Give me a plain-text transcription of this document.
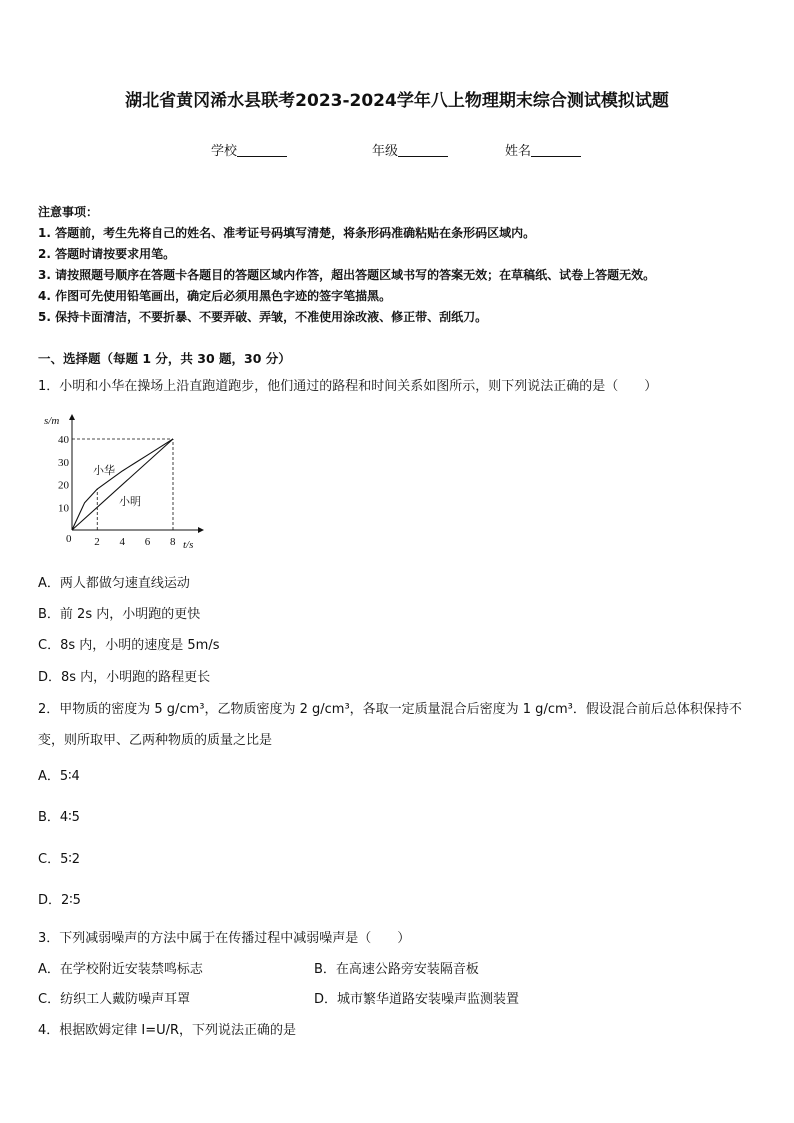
湖北省黄冈浠水县联考2023-2024学年八上物理期末综合测试模拟试题
学校	年级	姓名
注意事项：
1. 答题前，考生先将自己的姓名、准考证号码填写清楚，将条形码准确粘贴在条形码区域内。
2. 答题时请按要求用笔。
3. 请按照题号顺序在答题卡各题目的答题区域内作答，超出答题区域书写的答案无效；在草稿纸、试卷上答题无效。
4. 作图可先使用铅笔画出，确定后必须用黑色字迹的签字笔描黑。
5. 保持卡面清洁，不要折暴、不要弄破、弄皱，不准使用涂改液、修正带、刮纸刀。
一、选择题（每题 1 分，共 30 题，30 分）
1．小明和小华在操场上沿直跑道跑步，他们通过的路程和时间关系如图所示，则下列说法正确的是（　　）
2 4 6 8
10
20
30
40
s/m
t/s
0
小华
小明
A．两人都做匀速直线运动
B．前 2s 内，小明跑的更快
C．8s 内，小明的速度是 5m/s
D．8s 内，小明跑的路程更长
2．甲物质的密度为 5 g/cm³，乙物质密度为 2 g/cm³，各取一定质量混合后密度为 1 g/cm³．假设混合前后总体积保持不
变，则所取甲、乙两种物质的质量之比是
A．5∶4
B．4∶5
C．5∶2
D．2∶5
3．下列减弱噪声的方法中属于在传播过程中减弱噪声是（　　）
A．在学校附近安装禁鸣标志	B．在高速公路旁安装隔音板
C．纺织工人戴防噪声耳罩	D．城市繁华道路安装噪声监测装置
4．根据欧姆定律 I=U/R，下列说法正确的是
